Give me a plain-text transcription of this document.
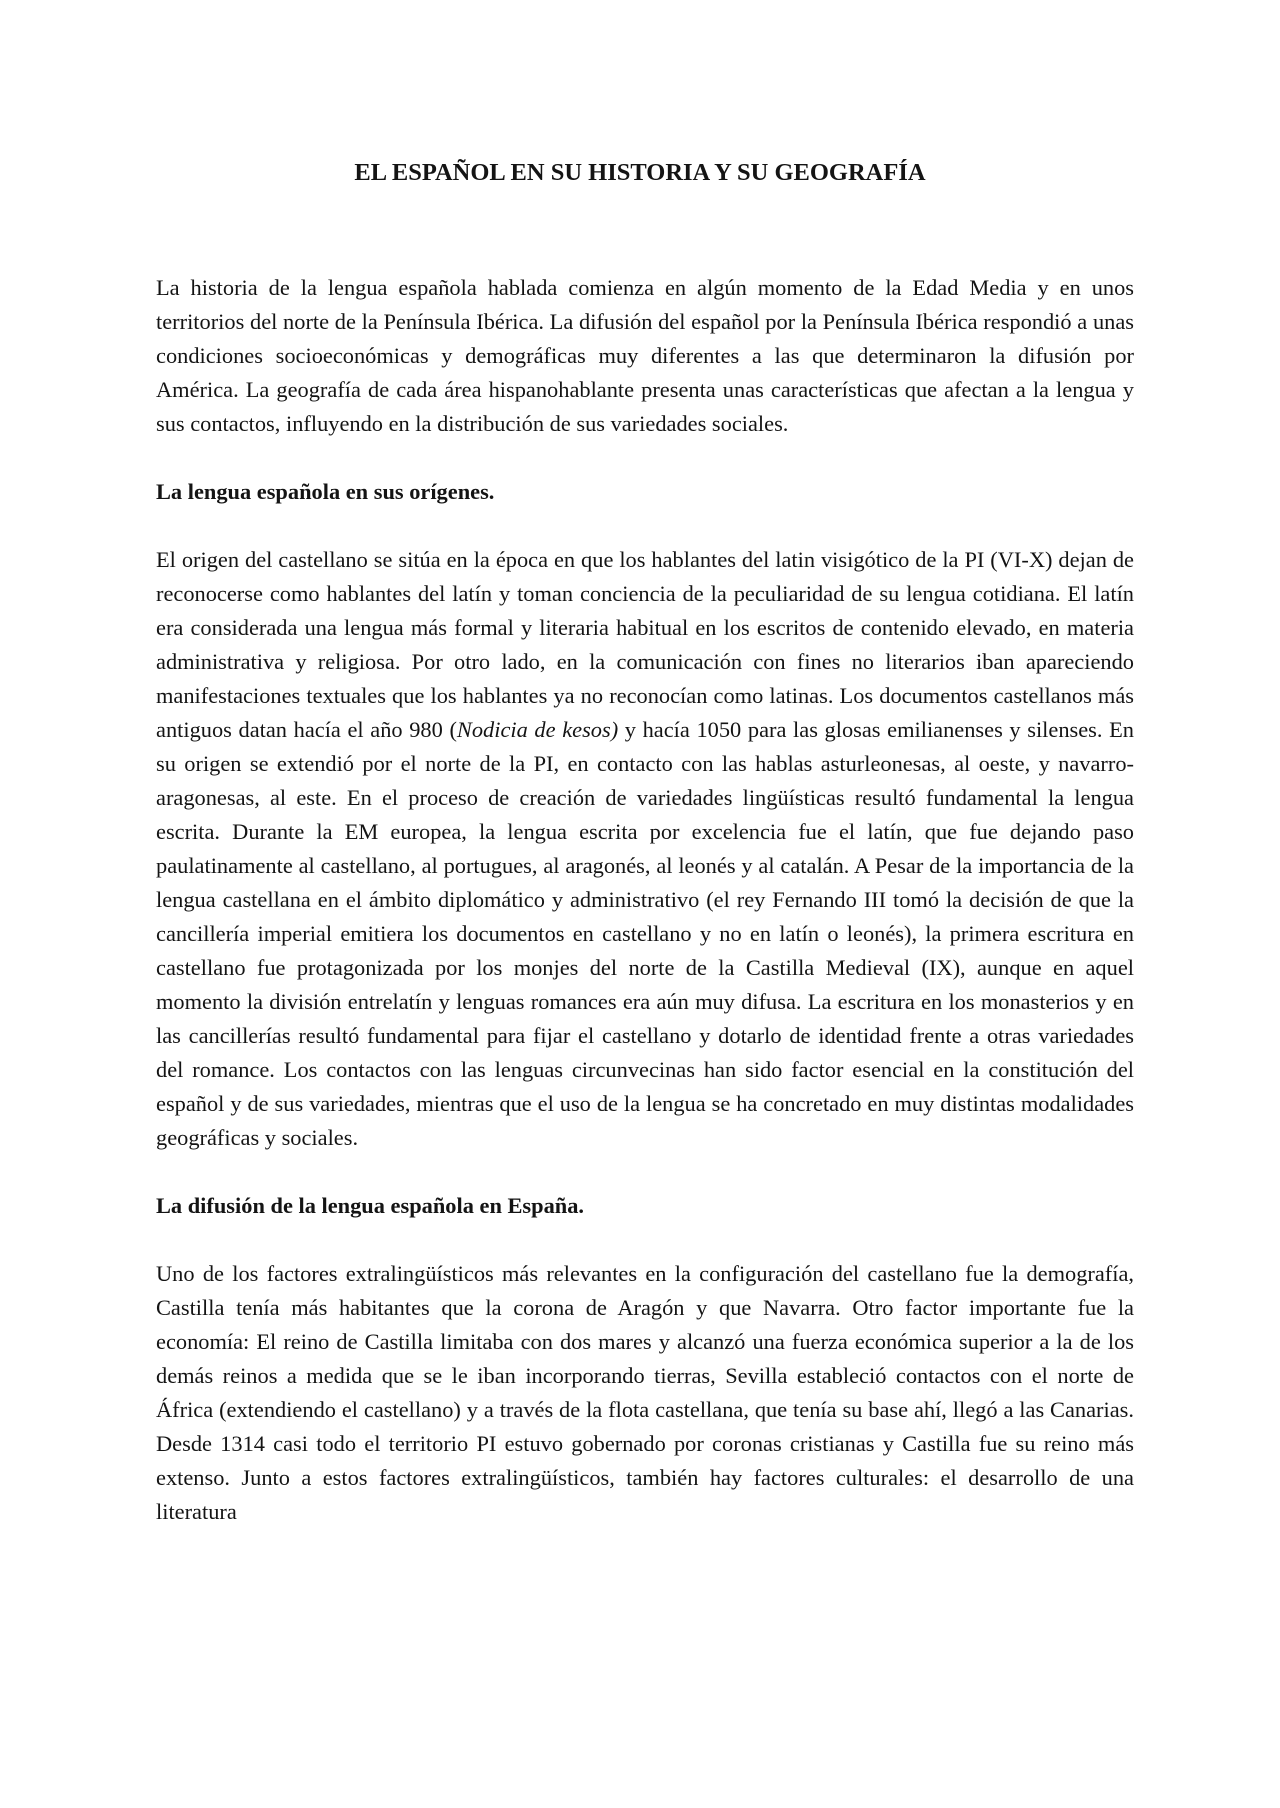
EL ESPAÑOL EN SU HISTORIA Y SU GEOGRAFÍA

La historia de la lengua española hablada comienza en algún momento de la Edad Media y en unos territorios del norte de la Península Ibérica. La difusión del español por la Península Ibérica respondió a unas condiciones socioeconómicas y demográficas muy diferentes a las que determinaron la difusión por América. La geografía de cada área hispanohablante presenta unas características que afectan a la lengua y sus contactos, influyendo en la distribución de sus variedades sociales.

La lengua española en sus orígenes.

El origen del castellano se sitúa en la época en que los hablantes del latin visigótico de la PI (VI-X) dejan de reconocerse como hablantes del latín y toman conciencia de la peculiaridad de su lengua cotidiana. El latín era considerada una lengua más formal y literaria habitual en los escritos de contenido elevado, en materia administrativa y religiosa. Por otro lado, en la comunicación con fines no literarios iban apareciendo manifestaciones textuales que los hablantes ya no reconocían como latinas. Los documentos castellanos más antiguos datan hacía el año 980 (Nodicia de kesos) y hacía 1050 para las glosas emilianenses y silenses. En su origen se extendió por el norte de la PI, en contacto con las hablas asturleonesas, al oeste, y navarro-aragonesas, al este. En el proceso de creación de variedades lingüísticas resultó fundamental la lengua escrita. Durante la EM europea, la lengua escrita por excelencia fue el latín, que fue dejando paso paulatinamente al castellano, al portugues, al aragonés, al leonés y al catalán. A Pesar de la importancia de la lengua castellana en el ámbito diplomático y administrativo (el rey Fernando III tomó la decisión de que la cancillería imperial emitiera los documentos en castellano y no en latín o leonés), la primera escritura en castellano fue protagonizada por los monjes del norte de la Castilla Medieval (IX), aunque en aquel momento la división entrelatín y lenguas romances era aún muy difusa. La escritura en los monasterios y en las cancillerías resultó fundamental para fijar el castellano y dotarlo de identidad frente a otras variedades del romance. Los contactos con las lenguas circunvecinas han sido factor esencial en la constitución del español y de sus variedades, mientras que el uso de la lengua se ha concretado en muy distintas modalidades geográficas y sociales.

La difusión de la lengua española en España.

Uno de los factores extralingüísticos más relevantes en la configuración del castellano fue la demografía, Castilla tenía más habitantes que la corona de Aragón y que Navarra. Otro factor importante fue la economía: El reino de Castilla limitaba con dos mares y alcanzó una fuerza económica superior a la de los demás reinos a medida que se le iban incorporando tierras, Sevilla estableció contactos con el norte de África (extendiendo el castellano) y a través de la flota castellana, que tenía su base ahí, llegó a las Canarias. Desde 1314 casi todo el territorio PI estuvo gobernado por coronas cristianas y Castilla fue su reino más extenso. Junto a estos factores extralingüísticos, también hay factores culturales: el desarrollo de una literatura
